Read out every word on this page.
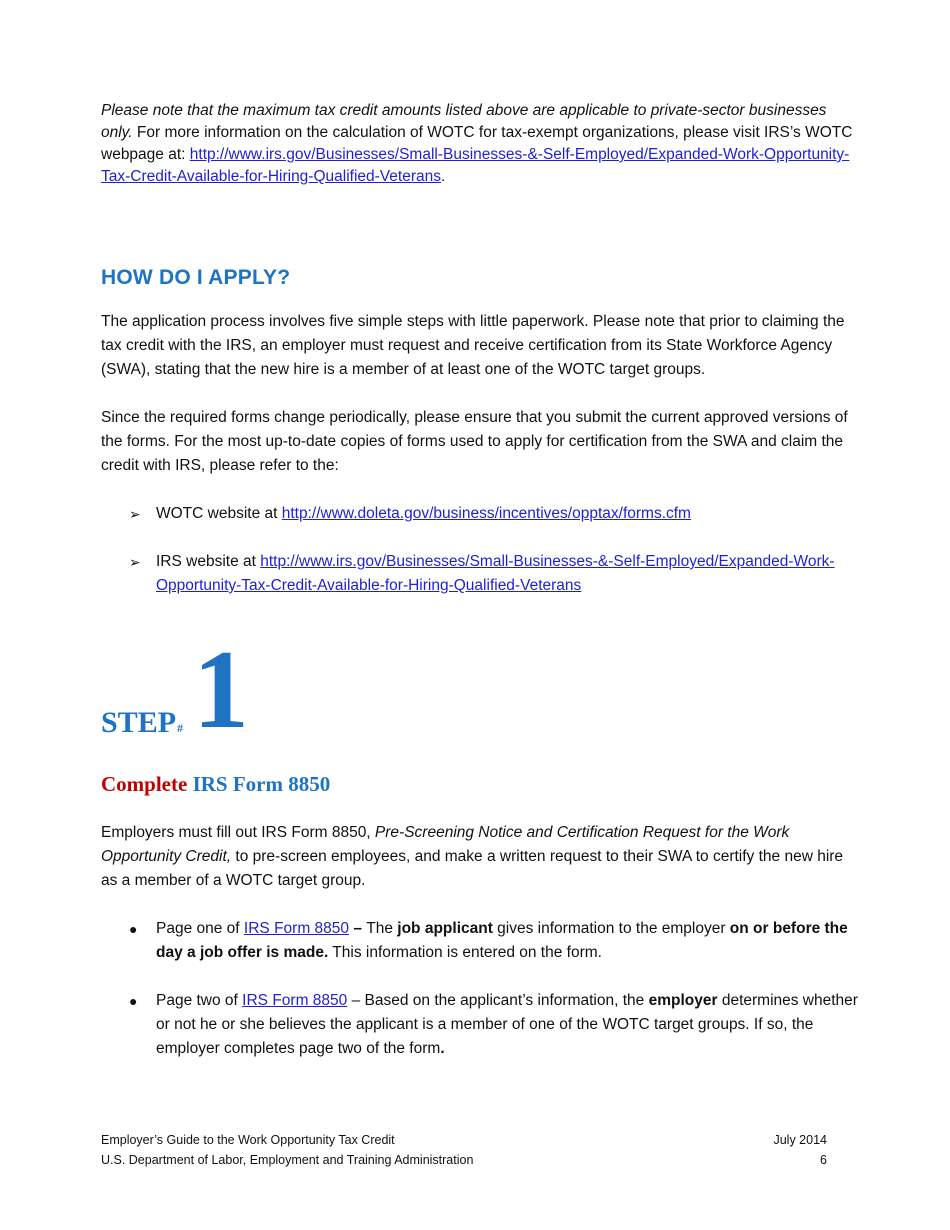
Please note that the maximum tax credit amounts listed above are applicable to private-sector businesses only. For more information on the calculation of WOTC for tax-exempt organizations, please visit IRS’s WOTC webpage at: http://www.irs.gov/Businesses/Small-Businesses-&-Self-Employed/Expanded-Work-Opportunity-Tax-Credit-Available-for-Hiring-Qualified-Veterans.

HOW DO I APPLY?

The application process involves five simple steps with little paperwork. Please note that prior to claiming the tax credit with the IRS, an employer must request and receive certification from its State Workforce Agency (SWA), stating that the new hire is a member of at least one of the WOTC target groups.

Since the required forms change periodically, please ensure that you submit the current approved versions of the forms. For the most up-to-date copies of forms used to apply for certification from the SWA and claim the credit with IRS, please refer to the:

➢ WOTC website at http://www.doleta.gov/business/incentives/opptax/forms.cfm
➢ IRS website at http://www.irs.gov/Businesses/Small-Businesses-&-Self-Employed/Expanded-Work-Opportunity-Tax-Credit-Available-for-Hiring-Qualified-Veterans
STEP # 1
Complete IRS Form 8850

Employers must fill out IRS Form 8850, Pre-Screening Notice and Certification Request for the Work Opportunity Credit, to pre-screen employees, and make a written request to their SWA to certify the new hire as a member of a WOTC target group.

● Page one of IRS Form 8850 – The job applicant gives information to the employer on or before the day a job offer is made. This information is entered on the form.
● Page two of IRS Form 8850 – Based on the applicant’s information, the employer determines whether or not he or she believes the applicant is a member of one of the WOTC target groups. If so, the employer completes page two of the form.
Employer’s Guide to the Work Opportunity Tax Credit	July 2014
U.S. Department of Labor, Employment and Training Administration	6
